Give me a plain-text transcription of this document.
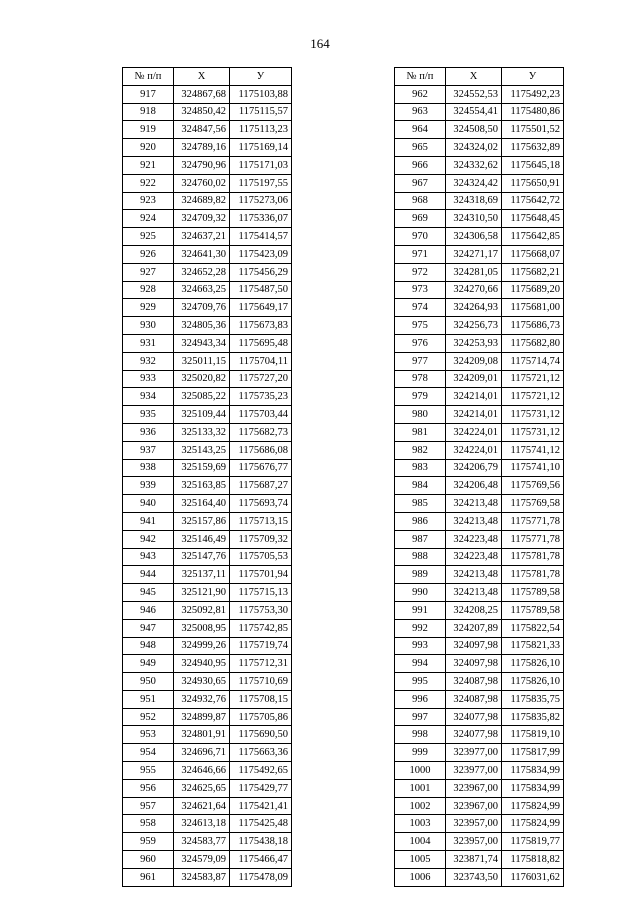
164
№ п/п	X	У
917	324867,68	1175103,88
918	324850,42	1175115,57
919	324847,56	1175113,23
920	324789,16	1175169,14
921	324790,96	1175171,03
922	324760,02	1175197,55
923	324689,82	1175273,06
924	324709,32	1175336,07
925	324637,21	1175414,57
926	324641,30	1175423,09
927	324652,28	1175456,29
928	324663,25	1175487,50
929	324709,76	1175649,17
930	324805,36	1175673,83
931	324943,34	1175695,48
932	325011,15	1175704,11
933	325020,82	1175727,20
934	325085,22	1175735,23
935	325109,44	1175703,44
936	325133,32	1175682,73
937	325143,25	1175686,08
938	325159,69	1175676,77
939	325163,85	1175687,27
940	325164,40	1175693,74
941	325157,86	1175713,15
942	325146,49	1175709,32
943	325147,76	1175705,53
944	325137,11	1175701,94
945	325121,90	1175715,13
946	325092,81	1175753,30
947	325008,95	1175742,85
948	324999,26	1175719,74
949	324940,95	1175712,31
950	324930,65	1175710,69
951	324932,76	1175708,15
952	324899,87	1175705,86
953	324801,91	1175690,50
954	324696,71	1175663,36
955	324646,66	1175492,65
956	324625,65	1175429,77
957	324621,64	1175421,41
958	324613,18	1175425,48
959	324583,77	1175438,18
960	324579,09	1175466,47
961	324583,87	1175478,09
№ п/п	X	У
962	324552,53	1175492,23
963	324554,41	1175480,86
964	324508,50	1175501,52
965	324324,02	1175632,89
966	324332,62	1175645,18
967	324324,42	1175650,91
968	324318,69	1175642,72
969	324310,50	1175648,45
970	324306,58	1175642,85
971	324271,17	1175668,07
972	324281,05	1175682,21
973	324270,66	1175689,20
974	324264,93	1175681,00
975	324256,73	1175686,73
976	324253,93	1175682,80
977	324209,08	1175714,74
978	324209,01	1175721,12
979	324214,01	1175721,12
980	324214,01	1175731,12
981	324224,01	1175731,12
982	324224,01	1175741,12
983	324206,79	1175741,10
984	324206,48	1175769,56
985	324213,48	1175769,58
986	324213,48	1175771,78
987	324223,48	1175771,78
988	324223,48	1175781,78
989	324213,48	1175781,78
990	324213,48	1175789,58
991	324208,25	1175789,58
992	324207,89	1175822,54
993	324097,98	1175821,33
994	324097,98	1175826,10
995	324087,98	1175826,10
996	324087,98	1175835,75
997	324077,98	1175835,82
998	324077,98	1175819,10
999	323977,00	1175817,99
1000	323977,00	1175834,99
1001	323967,00	1175834,99
1002	323967,00	1175824,99
1003	323957,00	1175824,99
1004	323957,00	1175819,77
1005	323871,74	1175818,82
1006	323743,50	1176031,62
